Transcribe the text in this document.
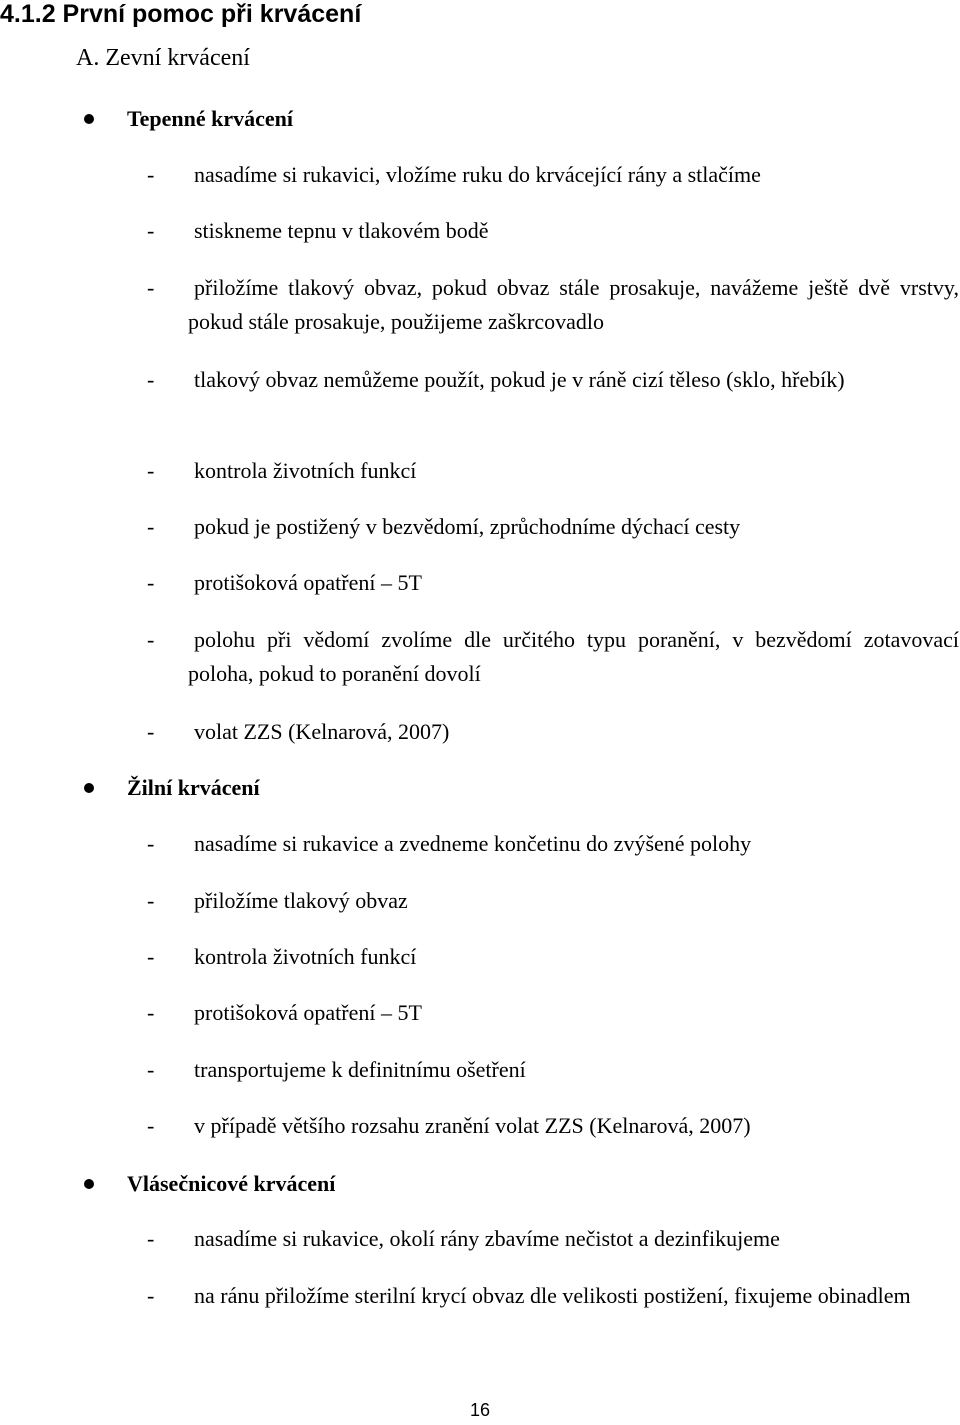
4.1.2 První pomoc při krvácení
A. Zevní krvácení
Tepenné krvácení
- nasadíme si rukavici, vložíme ruku do krvácející rány a stlačíme
- stiskneme tepnu v tlakovém bodě
- přiložíme tlakový obvaz, pokud obvaz stále prosakuje, navážeme ještě dvě vrstvy, pokud stále prosakuje, použijeme zaškrcovadlo
- tlakový obvaz nemůžeme použít, pokud je v ráně cizí těleso (sklo, hřebík)
- kontrola životních funkcí
- pokud je postižený v bezvědomí, zprůchodníme dýchací cesty
- protišoková opatření – 5T
- polohu při vědomí zvolíme dle určitého typu poranění, v bezvědomí zotavovací poloha, pokud to poranění dovolí
- volat ZZS (Kelnarová, 2007)
Žilní krvácení
- nasadíme si rukavice a zvedneme končetinu do zvýšené polohy
- přiložíme tlakový obvaz
- kontrola životních funkcí
- protišoková opatření – 5T
- transportujeme k definitnímu ošetření
- v případě většího rozsahu zranění volat ZZS (Kelnarová, 2007)
Vlásečnicové krvácení
- nasadíme si rukavice, okolí rány zbavíme nečistot a dezinfikujeme
- na ránu přiložíme sterilní krycí obvaz dle velikosti postižení, fixujeme obinadlem
16
